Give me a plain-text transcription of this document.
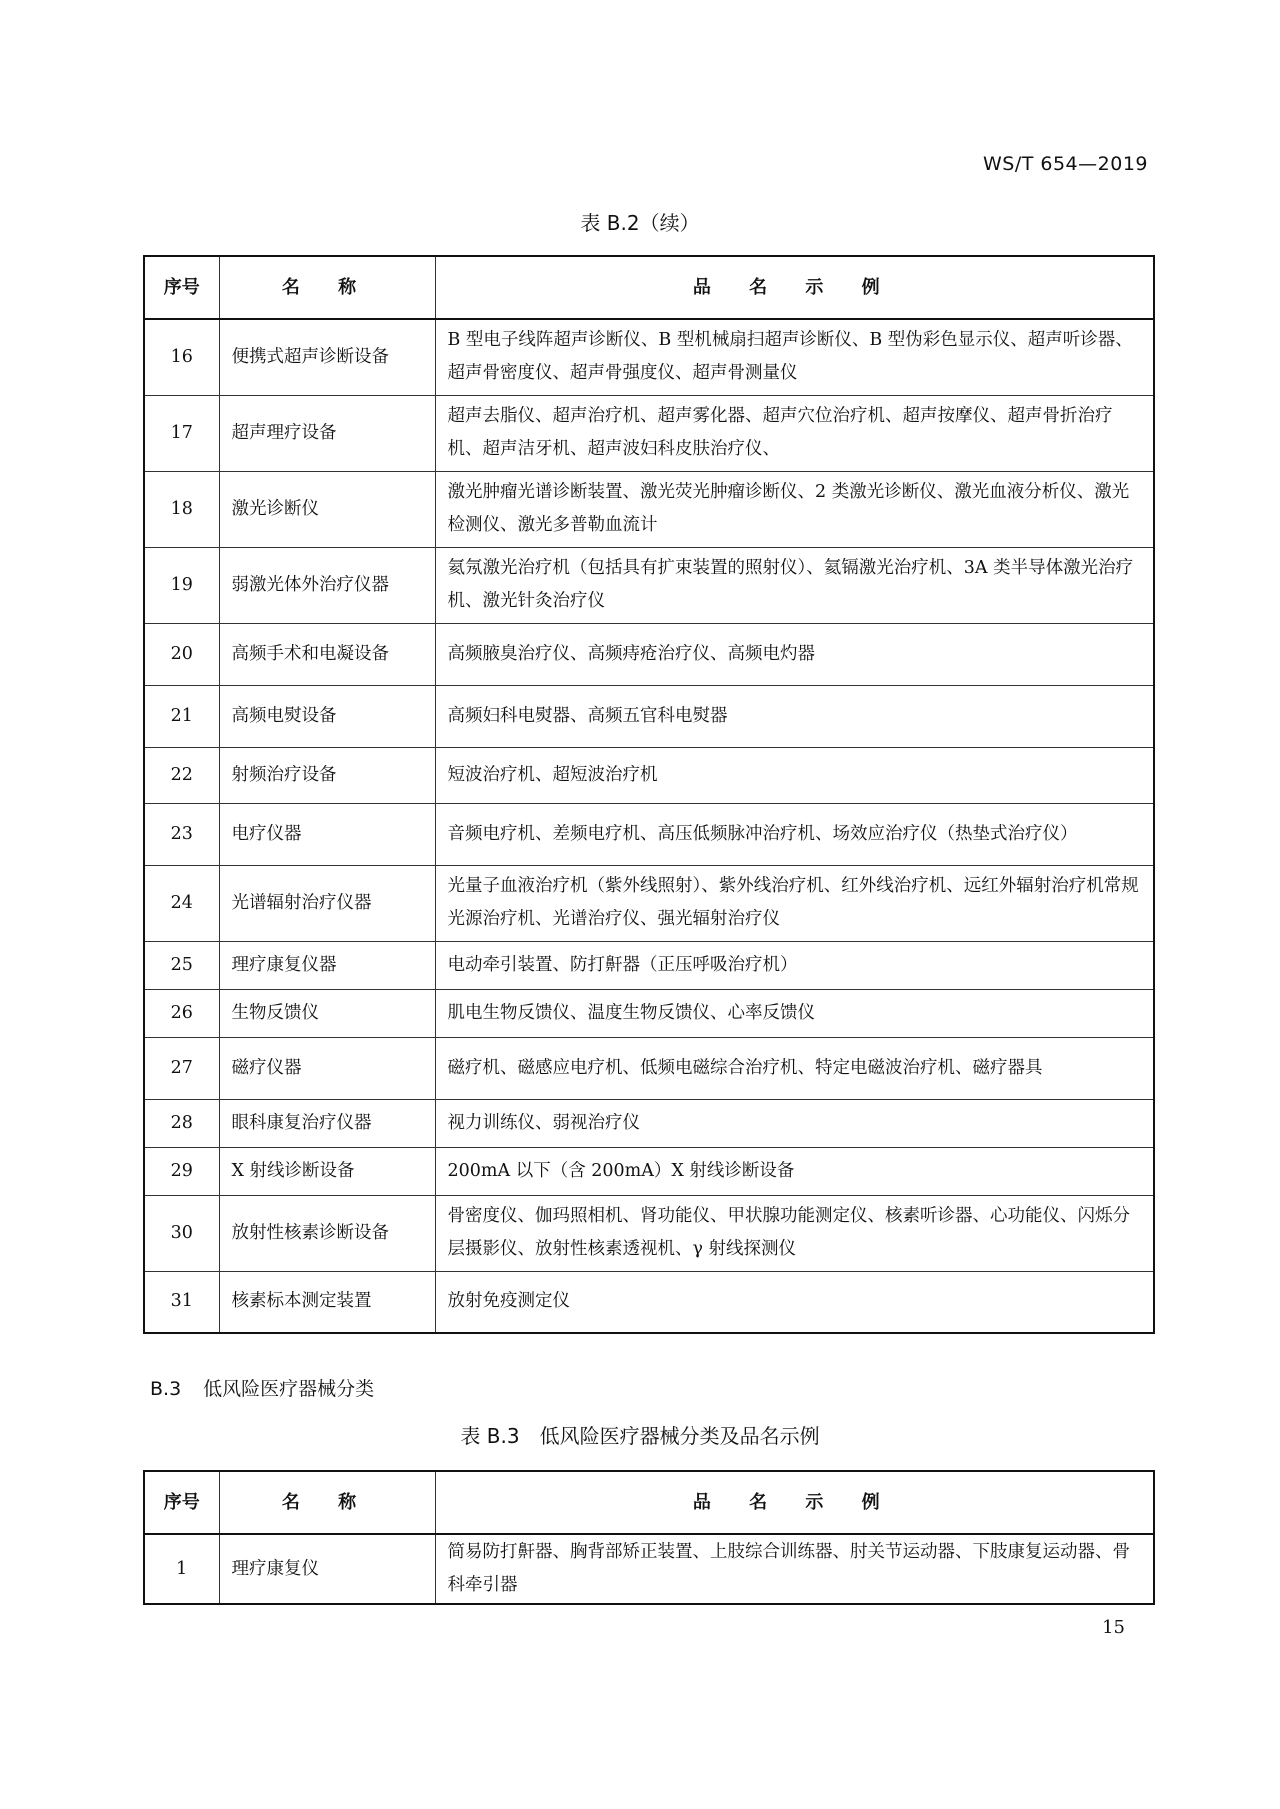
WS/T 654—2019
表 B.2（续）
序号	名 称	品 名 示 例
16	便携式超声诊断设备	B 型电子线阵超声诊断仪、B 型机械扇扫超声诊断仪、B 型伪彩色显示仪、超声听诊器、超声骨密度仪、超声骨强度仪、超声骨测量仪
17	超声理疗设备	超声去脂仪、超声治疗机、超声雾化器、超声穴位治疗机、超声按摩仪、超声骨折治疗机、超声洁牙机、超声波妇科皮肤治疗仪、
18	激光诊断仪	激光肿瘤光谱诊断装置、激光荧光肿瘤诊断仪、2 类激光诊断仪、激光血液分析仪、激光检测仪、激光多普勒血流计
19	弱激光体外治疗仪器	氦氖激光治疗机（包括具有扩束装置的照射仪）、氦镉激光治疗机、3A 类半导体激光治疗机、激光针灸治疗仪
20	高频手术和电凝设备	高频腋臭治疗仪、高频痔疮治疗仪、高频电灼器
21	高频电熨设备	高频妇科电熨器、高频五官科电熨器
22	射频治疗设备	短波治疗机、超短波治疗机
23	电疗仪器	音频电疗机、差频电疗机、高压低频脉冲治疗机、场效应治疗仪（热垫式治疗仪）
24	光谱辐射治疗仪器	光量子血液治疗机（紫外线照射）、紫外线治疗机、红外线治疗机、远红外辐射治疗机常规光源治疗机、光谱治疗仪、强光辐射治疗仪
25	理疗康复仪器	电动牵引装置、防打鼾器（正压呼吸治疗机）
26	生物反馈仪	肌电生物反馈仪、温度生物反馈仪、心率反馈仪
27	磁疗仪器	磁疗机、磁感应电疗机、低频电磁综合治疗机、特定电磁波治疗机、磁疗器具
28	眼科康复治疗仪器	视力训练仪、弱视治疗仪
29	X 射线诊断设备	200mA 以下（含 200mA）X 射线诊断设备
30	放射性核素诊断设备	骨密度仪、伽玛照相机、肾功能仪、甲状腺功能测定仪、核素听诊器、心功能仪、闪烁分层摄影仪、放射性核素透视机、γ 射线探测仪
31	核素标本测定装置	放射免疫测定仪
B.3 低风险医疗器械分类
表 B.3　低风险医疗器械分类及品名示例
序号	名 称	品 名 示 例
1	理疗康复仪	简易防打鼾器、胸背部矫正装置、上肢综合训练器、肘关节运动器、下肢康复运动器、骨科牵引器
15
